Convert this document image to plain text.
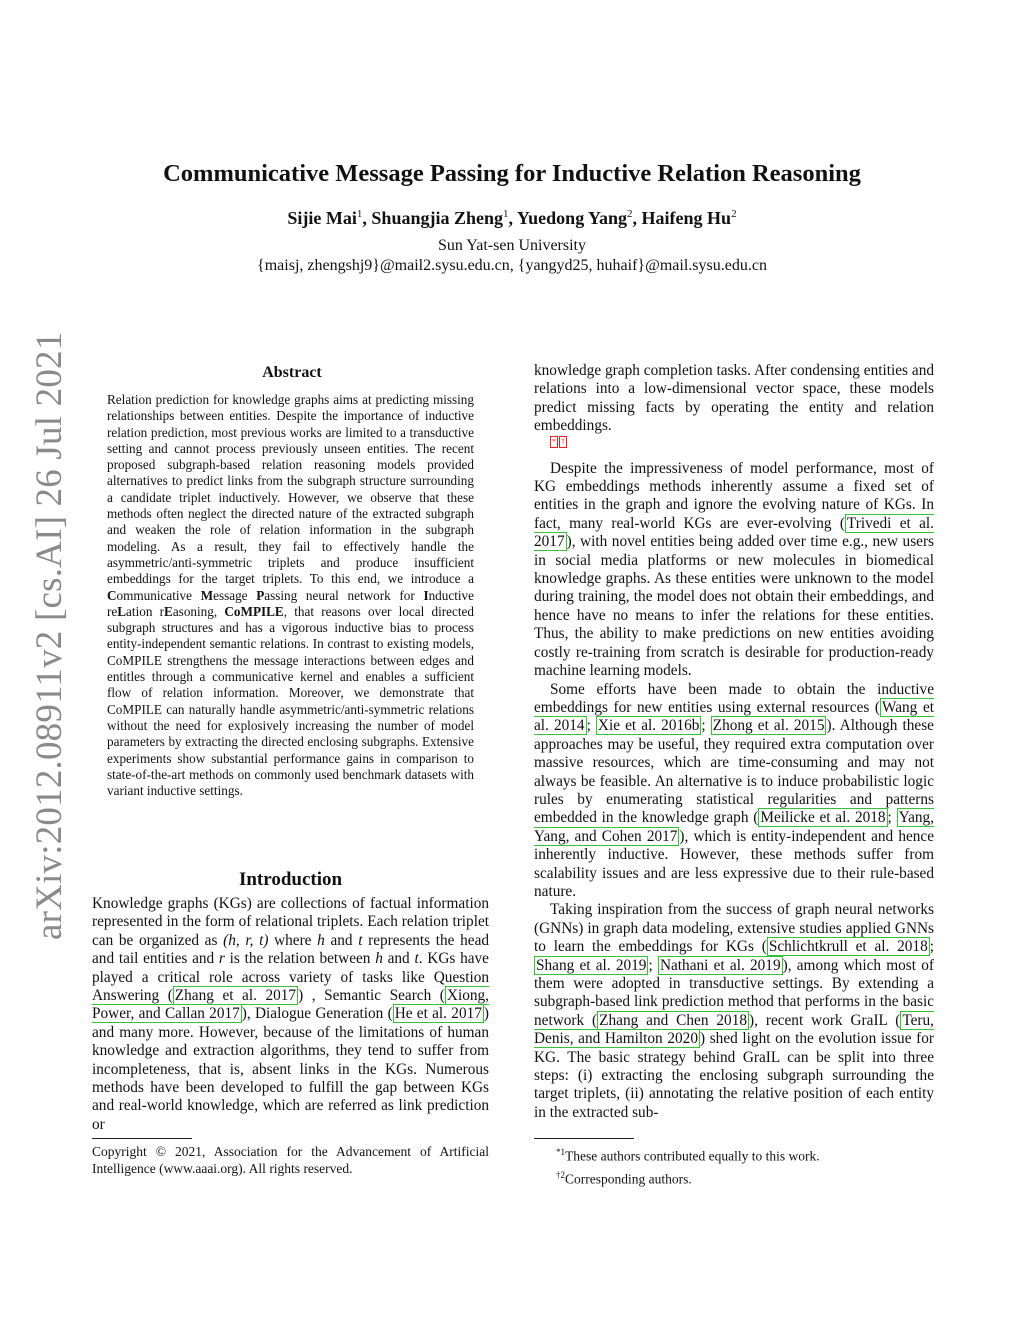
arXiv:2012.08911v2 [cs.AI] 26 Jul 2021
Communicative Message Passing for Inductive Relation Reasoning
Sijie Mai$^1$, Shuangjia Zheng$^1$, Yuedong Yang$^2$, Haifeng Hu$^2$
Sun Yat-sen University
{maisj, zhengshj9}@mail2.sysu.edu.cn, {yangyd25, huhaif}@mail.sysu.edu.cn
Abstract
Relation prediction for knowledge graphs aims at predicting missing relationships between entities. Despite the importance of inductive relation prediction, most previous works are limited to a transductive setting and cannot process previously unseen entities. The recent proposed subgraph-based relation reasoning models provided alternatives to predict links from the subgraph structure surrounding a candidate triplet inductively. However, we observe that these methods often neglect the directed nature of the extracted subgraph and weaken the role of relation information in the subgraph modeling. As a result, they fail to effectively handle the asymmetric/anti-symmetric triplets and produce insufficient embeddings for the target triplets. To this end, we introduce a Communicative Message Passing neural network for Inductive reLation rEasoning, CoMPILE, that reasons over local directed subgraph structures and has a vigorous inductive bias to process entity-independent semantic relations. In contrast to existing models, CoMPILE strengthens the message interactions between edges and entitles through a communicative kernel and enables a sufficient flow of relation information. Moreover, we demonstrate that CoMPILE can naturally handle asymmetric/anti-symmetric relations without the need for explosively increasing the number of model parameters by extracting the directed enclosing subgraphs. Extensive experiments show substantial performance gains in comparison to state-of-the-art methods on commonly used benchmark datasets with variant inductive settings.
Introduction

Knowledge graphs (KGs) are collections of factual information represented in the form of relational triplets. Each relation triplet can be organized as (h, r, t) where h and t represents the head and tail entities and r is the relation between h and t. KGs have played a critical role across variety of tasks like Question Answering ( Zhang et al. 2017 ) , Semantic Search ( Xiong, Power, and Callan 2017 ), Dialogue Generation ( He et al. 2017 ) and many more. However, because of the limitations of human knowledge and extraction algorithms, they tend to suffer from incompleteness, that is, absent links in the KGs. Numerous methods have been developed to fulfill the gap between KGs and real-world knowledge, which are referred as link prediction or

Copyright © 2021, Association for the Advancement of Artificial Intelligence (www.aaai.org). All rights reserved.

knowledge graph completion tasks. After condensing entities and relations into a low-dimensional vector space, these models predict missing facts by operating the entity and relation embeddings.

* †

Despite the impressiveness of model performance, most of KG embeddings methods inherently assume a fixed set of entities in the graph and ignore the evolving nature of KGs. In fact, many real-world KGs are ever-evolving ( Trivedi et al. 2017 ), with novel entities being added over time e.g., new users in social media platforms or new molecules in biomedical knowledge graphs. As these entities were unknown to the model during training, the model does not obtain their embeddings, and hence have no means to infer the relations for these entities. Thus, the ability to make predictions on new entities avoiding costly re-training from scratch is desirable for production-ready machine learning models.

Some efforts have been made to obtain the inductive embeddings for new entities using external resources ( Wang et al. 2014 ; Xie et al. 2016b ; Zhong et al. 2015 ). Although these approaches may be useful, they required extra computation over massive resources, which are time-consuming and may not always be feasible. An alternative is to induce probabilistic logic rules by enumerating statistical regularities and patterns embedded in the knowledge graph ( Meilicke et al. 2018 ; Yang, Yang, and Cohen 2017 ), which is entity-independent and hence inherently inductive. However, these methods suffer from scalability issues and are less expressive due to their rule-based nature.

Taking inspiration from the success of graph neural networks (GNNs) in graph data modeling, extensive studies applied GNNs to learn the embeddings for KGs ( Schlichtkrull et al. 2018 ; Shang et al. 2019 ; Nathani et al. 2019 ), among which most of them were adopted in transductive settings. By extending a subgraph-based link prediction method that performs in the basic network ( Zhang and Chen 2018 ), recent work GraIL ( Teru, Denis, and Hamilton 2020 ) shed light on the evolution issue for KG. The basic strategy behind GraIL can be split into three steps: (i) extracting the enclosing subgraph surrounding the target triplets, (ii) annotating the relative position of each entity in the extracted sub-

$^{*1}$These authors contributed equally to this work.
$^{\dagger 2}$Corresponding authors.
